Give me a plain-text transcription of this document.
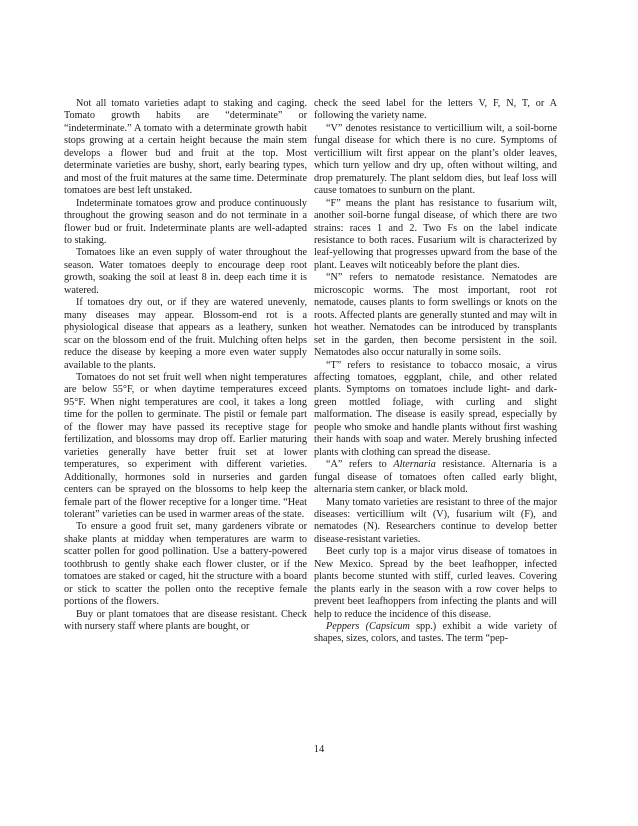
Not all tomato varieties adapt to staking and caging. Tomato growth habits are “determinate” or “indeterminate.” A tomato with a determinate growth habit stops growing at a certain height because the main stem develops a flower bud and fruit at the top. Most determinate varieties are bushy, short, early bearing types, and most of the fruit matures at the same time. Determinate tomatoes are best left unstaked.

Indeterminate tomatoes grow and produce continuously throughout the growing season and do not terminate in a flower bud or fruit. Indeterminate plants are well-adapted to staking.

Tomatoes like an even supply of water throughout the season. Water tomatoes deeply to encourage deep root growth, soaking the soil at least 8 in. deep each time it is watered.

If tomatoes dry out, or if they are watered unevenly, many diseases may appear. Blossom-end rot is a physiological disease that appears as a leathery, sunken scar on the blossom end of the fruit. Mulching often helps reduce the disease by keeping a more even water supply available to the plants.

Tomatoes do not set fruit well when night temperatures are below 55°F, or when daytime temperatures exceed 95°F. When night temperatures are cool, it takes a long time for the pollen to germinate. The pistil or female part of the flower may have passed its receptive stage for fertilization, and blossoms may drop off. Earlier maturing varieties generally have better fruit set at lower temperatures, so experiment with different varieties. Additionally, hormones sold in nurseries and garden centers can be sprayed on the blossoms to help keep the female part of the flower receptive for a longer time. “Heat tolerant” varieties can be used in warmer areas of the state.

To ensure a good fruit set, many gardeners vibrate or shake plants at midday when temperatures are warm to scatter pollen for good pollination. Use a battery-powered toothbrush to gently shake each flower cluster, or if the tomatoes are staked or caged, hit the structure with a board or stick to scatter the pollen onto the receptive female portions of the flowers.

Buy or plant tomatoes that are disease resistant. Check with nursery staff where plants are bought, or

check the seed label for the letters V, F, N, T, or A following the variety name.

“V” denotes resistance to verticillium wilt, a soil-borne fungal disease for which there is no cure. Symptoms of verticillium wilt first appear on the plant’s older leaves, which turn yellow and dry up, often without wilting, and drop prematurely. The plant seldom dies, but leaf loss will cause tomatoes to sunburn on the plant.

“F” means the plant has resistance to fusarium wilt, another soil-borne fungal disease, of which there are two strains: races 1 and 2. Two Fs on the label indicate resistance to both races. Fusarium wilt is characterized by leaf-yellowing that progresses upward from the base of the plant. Leaves wilt noticeably before the plant dies.

“N” refers to nematode resistance. Nematodes are microscopic worms. The most important, root rot nematode, causes plants to form swellings or knots on the roots. Affected plants are generally stunted and may wilt in hot weather. Nematodes can be introduced by transplants set in the garden, then become persistent in the soil. Nematodes also occur naturally in some soils.

“T” refers to resistance to tobacco mosaic, a virus affecting tomatoes, eggplant, chile, and other related plants. Symptoms on tomatoes include light- and dark-green mottled foliage, with curling and slight malformation. The disease is easily spread, especially by people who smoke and handle plants without first washing their hands with soap and water. Merely brushing infected plants with clothing can spread the disease.

“A” refers to Alternaria resistance. Alternaria is a fungal disease of tomatoes often called early blight, alternaria stem canker, or black mold.

Many tomato varieties are resistant to three of the major diseases: verticillium wilt (V), fusarium wilt (F), and nematodes (N). Researchers continue to develop better disease-resistant varieties.

Beet curly top is a major virus disease of tomatoes in New Mexico. Spread by the beet leafhopper, infected plants become stunted with stiff, curled leaves. Covering the plants early in the season with a row cover helps to prevent beet leafhoppers from infecting the plants and will help to reduce the incidence of this disease.

Peppers (Capsicum spp.) exhibit a wide variety of shapes, sizes, colors, and tastes. The term “pep-

14
